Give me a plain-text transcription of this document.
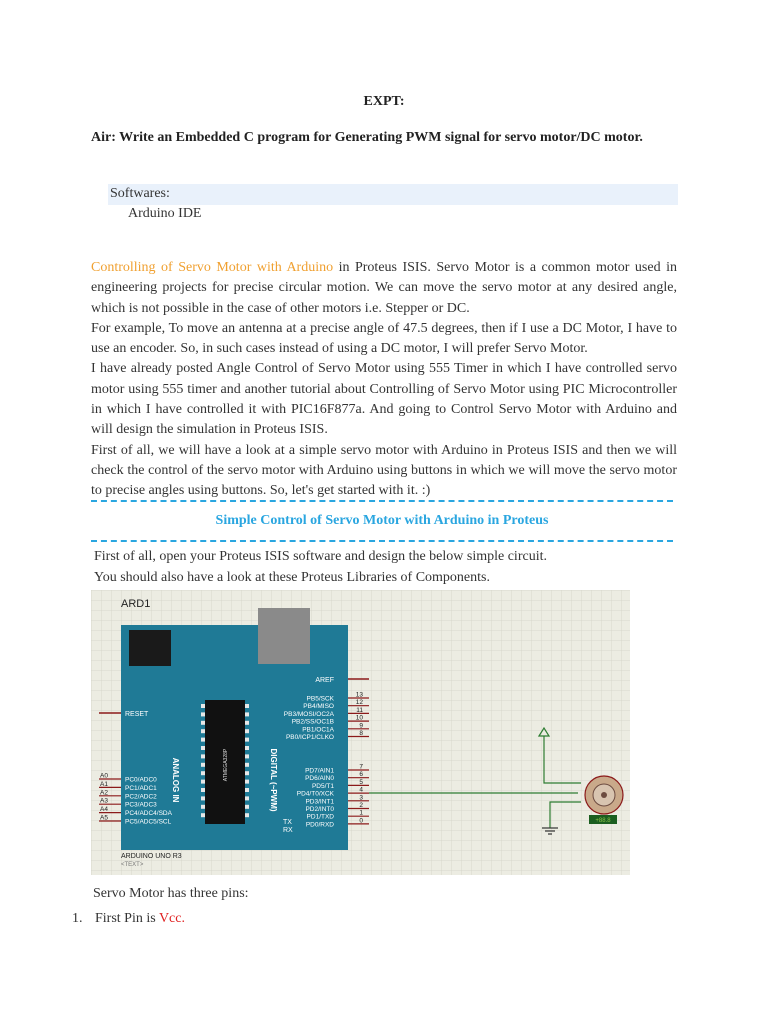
EXPT:
Air: Write an Embedded C program for Generating PWM signal for servo motor/DC motor.
Softwares:
Arduino IDE
Controlling of Servo Motor with Arduino in Proteus ISIS. Servo Motor is a common motor used in engineering projects for precise circular motion. We can move the servo motor at any desired angle, which is not possible in the case of other motors i.e. Stepper or DC.
For example, To move an antenna at a precise angle of 47.5 degrees, then if I use a DC Motor, I have to use an encoder. So, in such cases instead of using a DC motor, I will prefer Servo Motor.
I have already posted Angle Control of Servo Motor using 555 Timer in which I have controlled servo motor using 555 timer and another tutorial about Controlling of Servo Motor using PIC Microcontroller in which I have controlled it with PIC16F877a. And going to Control Servo Motor with Arduino and will design the simulation in Proteus ISIS.
First of all, we will have a look at a simple servo motor with Arduino in Proteus ISIS and then we will check the control of the servo motor with Arduino using buttons in which we will move the servo motor to precise angles using buttons. So, let's get started with it. :)
Simple Control of Servo Motor with Arduino in Proteus
First of all, open your Proteus ISIS software and design the below simple circuit.
You should also have a look at these Proteus Libraries of Components.
ARD1
ATMEGA328P
RESET
AREF
A0
PC0/ADC0
A1
PC1/ADC1
A2
PC2/ADC2
A3
PC3/ADC3
A4
PC4/ADC4/SDA
A5
PC5/ADC5/SCL
13
PB5/SCK
12
PB4/MISO
11
PB3/MOSI/OC2A
10
PB2/SS/OC1B
9
PB1/OC1A
8
PB0/ICP1/CLKO
7
PD7/AIN1
6
PD6/AIN0
5
PD5/T1
4
PD4/T0/XCK
3
PD3/INT1
2
PD2/INT0
1
PD1/TXD
0
PD0/RXD
ANALOG IN	DIGITAL (~PWM)
TX
RX
ARDUINO UNO R3
<TEXT>
+88.8
Servo Motor has three pins:
1. First Pin is Vcc.
